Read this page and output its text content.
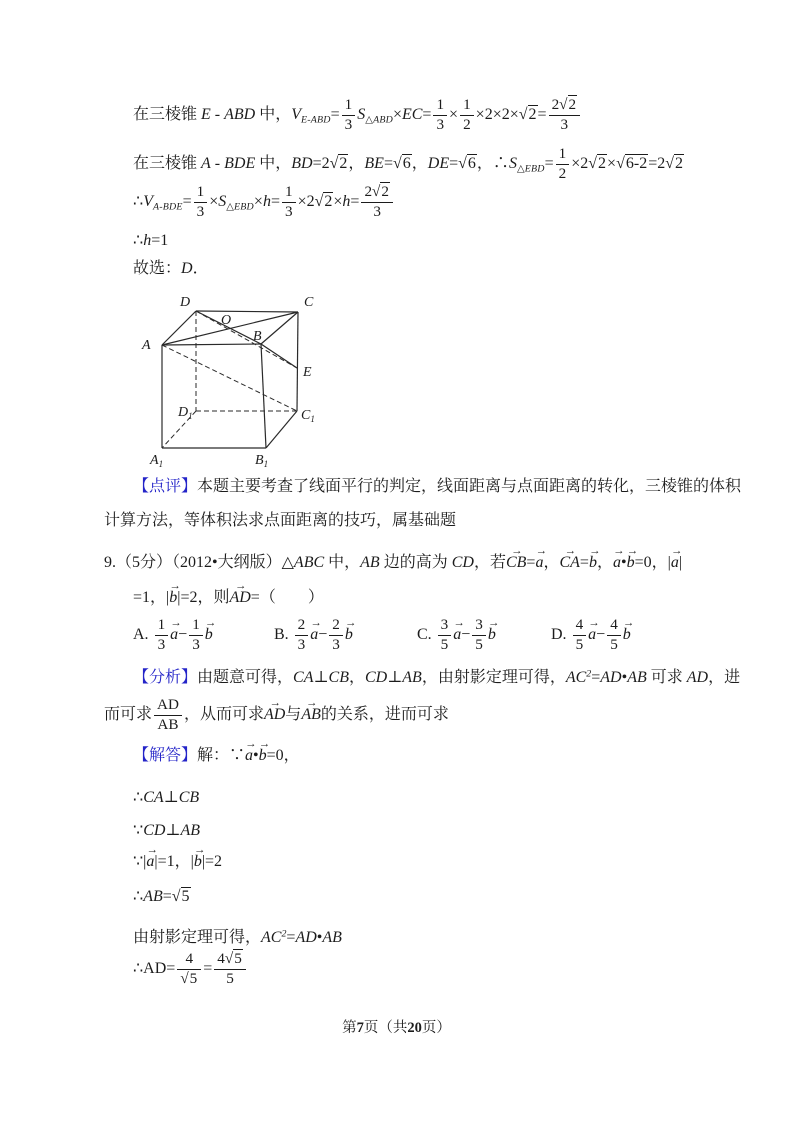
在三棱锥 E - ABD 中，$V_{E-ABD}= \frac{1}{3} S_{\triangle ABD}\times EC= \frac{1}{3} \times \frac{1}{2} \times 2\times 2\times√2= \frac{2√2}{3}$
在三棱锥 A - BDE 中，BD=2√2，BE=√6，DE=√6，$\therefore S_{\triangle EBD}= \frac{1}{2} \times 2√2\times√6-2=2√2$
$\therefore V_{A-BDE}= \frac{1}{3} \times S_{\triangle EBD}\times h= \frac{1}{3} \times 2√2\times h= \frac{2√2}{3}$
∴h=1
故选：D．
D	C
O
A
B
E
$D_1$	$C_1$
$A_1$	$B_1$
【点评】本题主要考查了线面平行的判定，线面距离与点面距离的转化，三棱锥的体积
计算方法，等体积法求点面距离的技巧，属基础题
9.（5分）（2012•大纲版）△ABC 中，AB 边的高为 CD，若CB →=a →，CA →=b →，a →•b →=0，|a →|
=1，|b →|=2，则AD →=（　　）
A. $\frac{1}{3}$ $a \to- \frac{1}{3}$ b →	B. $\frac{2}{3}$ $a \to- \frac{2}{3}$ b →	C. $\frac{3}{5}$ $a \to- \frac{3}{5}$ b →	D. $\frac{4}{5}$ $a \to- \frac{4}{5}$ b →
【分析】由题意可得，CA⊥CB，CD⊥AB，由射影定理可得，$AC^2=AD•AB$ 可求 AD，进
而可求 $\frac{AD}{AB}$ ，从而可求AD →与AB →的关系，进而可求
【解答】解：∵a →•b →=0，
∴CA⊥CB
∵CD⊥AB
∵|a →|=1，|b →|=2
∴AB=√5
由射影定理可得，$AC^2=AD•AB$
∴AD= $\frac{4}{√5} = \frac{4√5}{5}$
第7页（共20页）
